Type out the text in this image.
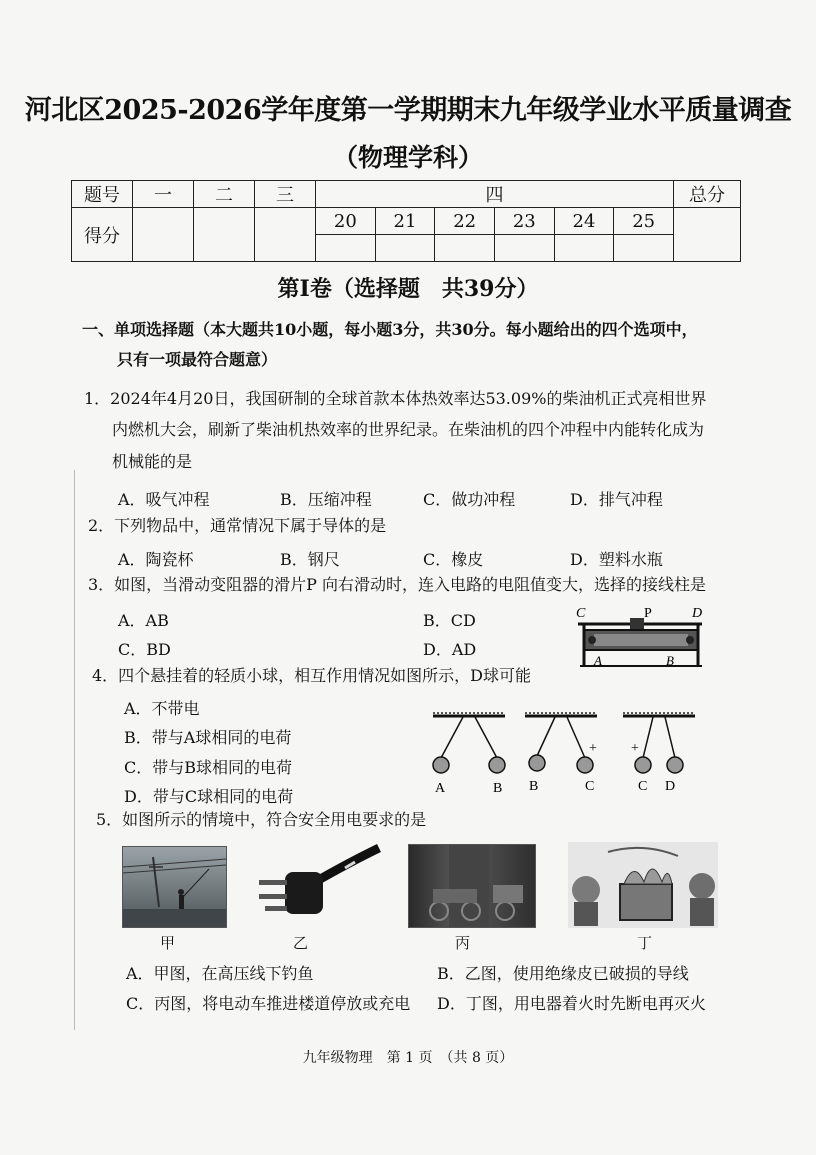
河北区2025-2026学年度第一学期期末九年级学业水平质量调查
（物理学科）
题号	一	二	三	四						总分
得分				20	21	22	23	24	25	

第Ⅰ卷（选择题　共39分）
一、单项选择题（本大题共10小题，每小题3分，共30分。每小题给出的四个选项中，
只有一项最符合题意）
1．2024年4月20日，我国研制的全球首款本体热效率达53.09%的柴油机正式亮相世界
内燃机大会，刷新了柴油机热效率的世界纪录。在柴油机的四个冲程中内能转化成为
机械能的是
A．吸气冲程	B．压缩冲程	C．做功冲程	D．排气冲程
2．下列物品中，通常情况下属于导体的是
A．陶瓷杯	B．钢尺	C．橡皮	D．塑料水瓶
3．如图，当滑动变阻器的滑片P 向右滑动时，连入电路的电阻值变大，选择的接线柱是
A．AB	B．CD
C．BD	D．AD
C	P	D
A	B
4．四个悬挂着的轻质小球，相互作用情况如图所示，D球可能
A．不带电
B．带与A球相同的电荷
C．带与B球相同的电荷
D．带与C球相同的电荷	A	B
+
B	C
+
C D
5．如图所示的情境中，符合安全用电要求的是
甲	乙	丙	丁
A．甲图，在高压线下钓鱼	B．乙图，使用绝缘皮已破损的导线
C．丙图，将电动车推进楼道停放或充电 D．丁图，用电器着火时先断电再灭火
九年级物理　第 1 页　（共 8 页）
